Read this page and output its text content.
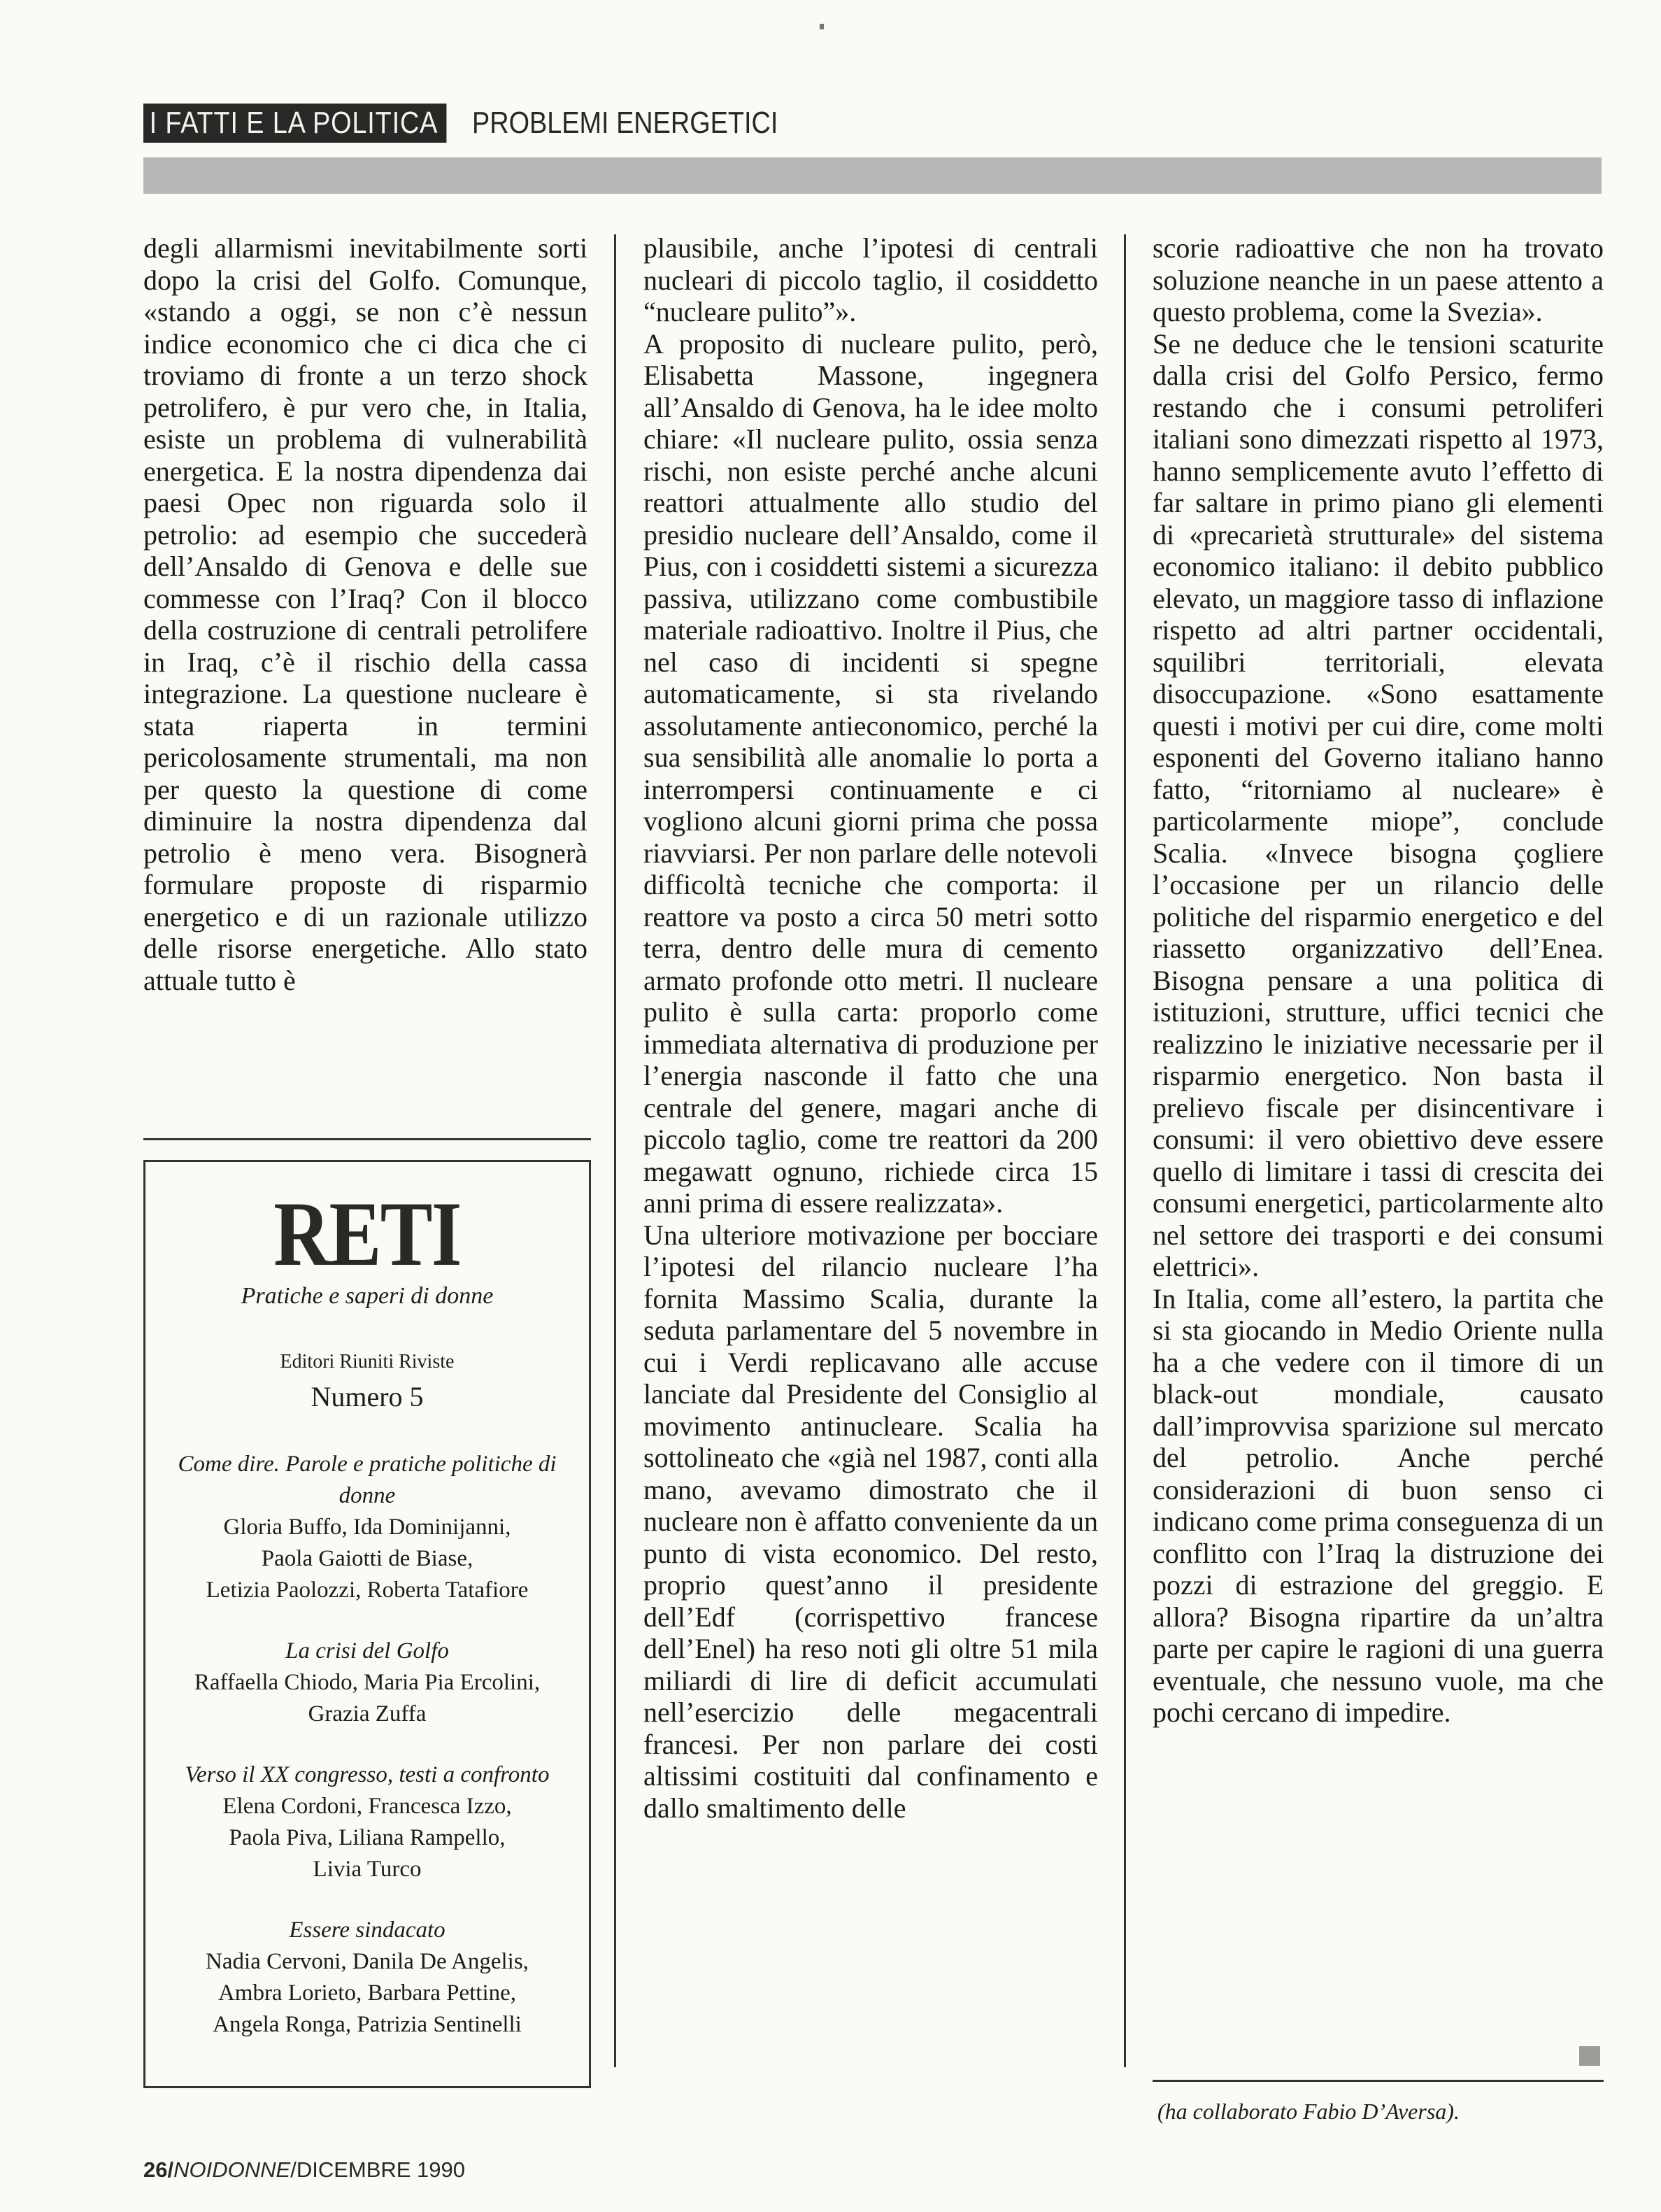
I FATTI E LA POLITICA PROBLEMI ENERGETICI

degli allarmismi inevitabilmente sorti dopo la crisi del Golfo. Comunque, «stando a oggi, se non c’è nessun indice economico che ci dica che ci troviamo di fronte a un terzo shock petrolifero, è pur vero che, in Italia, esiste un problema di vulnerabilità energetica. E la nostra dipendenza dai paesi Opec non riguarda solo il petrolio: ad esempio che succederà dell’Ansaldo di Genova e delle sue commesse con l’Iraq? Con il blocco della costruzione di centrali petrolifere in Iraq, c’è il rischio della cassa integrazione. La questione nucleare è stata riaperta in termini pericolosamente strumentali, ma non per questo la questione di come diminuire la nostra dipendenza dal petrolio è meno vera. Bisognerà formulare proposte di risparmio energetico e di un razionale utilizzo delle risorse energetiche. Allo stato attuale tutto è

RETI
Pratiche e saperi di donne
Editori Riuniti Riviste
Numero 5
Come dire. Parole e pratiche politiche di donne
Gloria Buffo, Ida Dominijanni,
Paola Gaiotti de Biase,
Letizia Paolozzi, Roberta Tatafiore
La crisi del Golfo
Raffaella Chiodo, Maria Pia Ercolini,
Grazia Zuffa
Verso il XX congresso, testi a confronto
Elena Cordoni, Francesca Izzo,
Paola Piva, Liliana Rampello,
Livia Turco
Essere sindacato
Nadia Cervoni, Danila De Angelis,
Ambra Lorieto, Barbara Pettine,
Angela Ronga, Patrizia Sentinelli

plausibile, anche l’ipotesi di centrali nucleari di piccolo taglio, il cosiddetto “nucleare pulito”».

A proposito di nucleare pulito, però, Elisabetta Massone, ingegnera all’Ansaldo di Genova, ha le idee molto chiare: «Il nucleare pulito, ossia senza rischi, non esiste perché anche alcuni reattori attualmente allo studio del presidio nucleare dell’Ansaldo, come il Pius, con i cosiddetti sistemi a sicurezza passiva, utilizzano come combustibile materiale radioattivo. Inoltre il Pius, che nel caso di incidenti si spegne automaticamente, si sta rivelando assolutamente antieconomico, perché la sua sensibilità alle anomalie lo porta a interrompersi continuamente e ci vogliono alcuni giorni prima che possa riavviarsi. Per non parlare delle notevoli difficoltà tecniche che comporta: il reattore va posto a circa 50 metri sotto terra, dentro delle mura di cemento armato profonde otto metri. Il nucleare pulito è sulla carta: proporlo come immediata alternativa di produzione per l’energia nasconde il fatto che una centrale del genere, magari anche di piccolo taglio, come tre reattori da 200 megawatt ognuno, richiede circa 15 anni prima di essere realizzata».

Una ulteriore motivazione per bocciare l’ipotesi del rilancio nucleare l’ha fornita Massimo Scalia, durante la seduta parlamentare del 5 novembre in cui i Verdi replicavano alle accuse lanciate dal Presidente del Consiglio al movimento antinucleare. Scalia ha sottolineato che «già nel 1987, conti alla mano, avevamo dimostrato che il nucleare non è affatto conveniente da un punto di vista economico. Del resto, proprio quest’anno il presidente dell’Edf (corrispettivo francese dell’Enel) ha reso noti gli oltre 51 mila miliardi di lire di deficit accumulati nell’esercizio delle megacentrali francesi. Per non parlare dei costi altissimi costituiti dal confinamento e dallo smaltimento delle

scorie radioattive che non ha trovato soluzione neanche in un paese attento a questo problema, come la Svezia».

Se ne deduce che le tensioni scaturite dalla crisi del Golfo Persico, fermo restando che i consumi petroliferi italiani sono dimezzati rispetto al 1973, hanno semplicemente avuto l’effetto di far saltare in primo piano gli elementi di «precarietà strutturale» del sistema economico italiano: il debito pubblico elevato, un maggiore tasso di inflazione rispetto ad altri partner occidentali, squilibri territoriali, elevata disoccupazione. «Sono esattamente questi i motivi per cui dire, come molti esponenti del Governo italiano hanno fatto, “ritorniamo al nucleare» è particolarmente miope”, conclude Scalia. «Invece bisogna çogliere l’occasione per un rilancio delle politiche del risparmio energetico e del riassetto organizzativo dell’Enea. Bisogna pensare a una politica di istituzioni, strutture, uffici tecnici che realizzino le iniziative necessarie per il risparmio energetico. Non basta il prelievo fiscale per disincentivare i consumi: il vero obiettivo deve essere quello di limitare i tassi di crescita dei consumi energetici, particolarmente alto nel settore dei trasporti e dei consumi elettrici».

In Italia, come all’estero, la partita che si sta giocando in Medio Oriente nulla ha a che vedere con il timore di un black-out mondiale, causato dall’improvvisa sparizione sul mercato del petrolio. Anche perché considerazioni di buon senso ci indicano come prima conseguenza di un conflitto con l’Iraq la distruzione dei pozzi di estrazione del greggio. E allora? Bisogna ripartire da un’altra parte per capire le ragioni di una guerra eventuale, che nessuno vuole, ma che pochi cercano di impedire.

(ha collaborato Fabio D’Aversa).
26/NOIDONNE/DICEMBRE 1990
